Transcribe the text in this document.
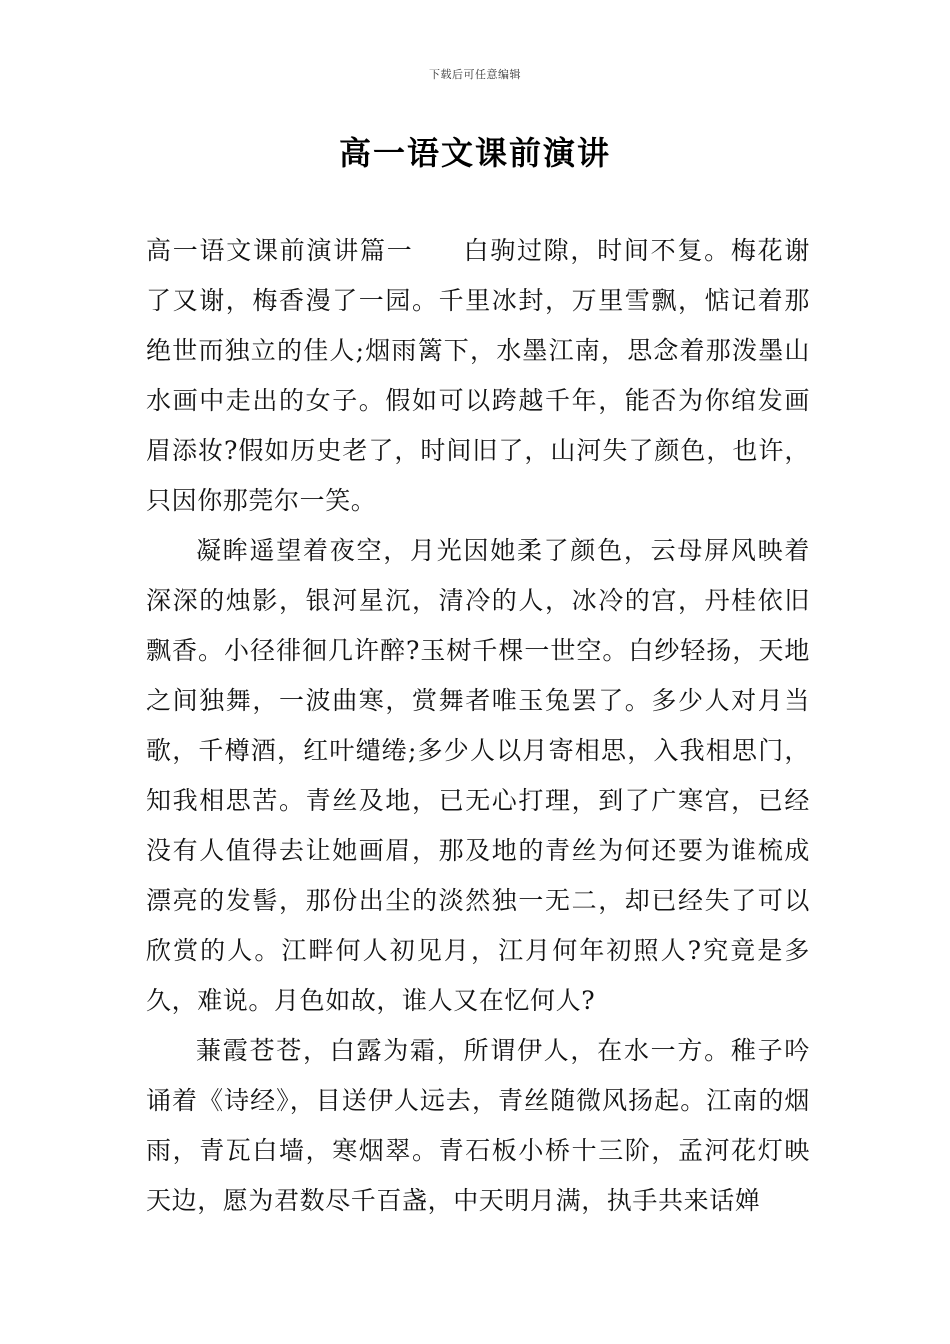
下载后可任意编辑
高一语文课前演讲

高一语文课前演讲篇一 白驹过隙，时间不复。梅花谢了又谢，梅香漫了一园。千里冰封，万里雪飘，惦记着那绝世而独立的佳人;烟雨篱下，水墨江南，思念着那泼墨山水画中走出的女子。假如可以跨越千年，能否为你绾发画眉添妆?假如历史老了，时间旧了，山河失了颜色，也许，只因你那莞尔一笑。

凝眸遥望着夜空，月光因她柔了颜色，云母屏风映着深深的烛影，银河星沉，清冷的人，冰冷的宫，丹桂依旧飘香。小径徘徊几许醉?玉树千棵一世空。白纱轻扬，天地之间独舞，一波曲寒，赏舞者唯玉兔罢了。多少人对月当歌，千樽酒，红叶缱绻;多少人以月寄相思，入我相思门，知我相思苦。青丝及地，已无心打理，到了广寒宫，已经没有人值得去让她画眉，那及地的青丝为何还要为谁梳成漂亮的发髻，那份出尘的淡然独一无二，却已经失了可以欣赏的人。江畔何人初见月，江月何年初照人?究竟是多久，难说。月色如故，谁人又在忆何人?

蒹霞苍苍，白露为霜，所谓伊人，在水一方。稚子吟诵着《诗经》，目送伊人远去，青丝随微风扬起。江南的烟雨，青瓦白墙，寒烟翠。青石板小桥十三阶，孟河花灯映天边，愿为君数尽千百盏，中天明月满，执手共来话婵
